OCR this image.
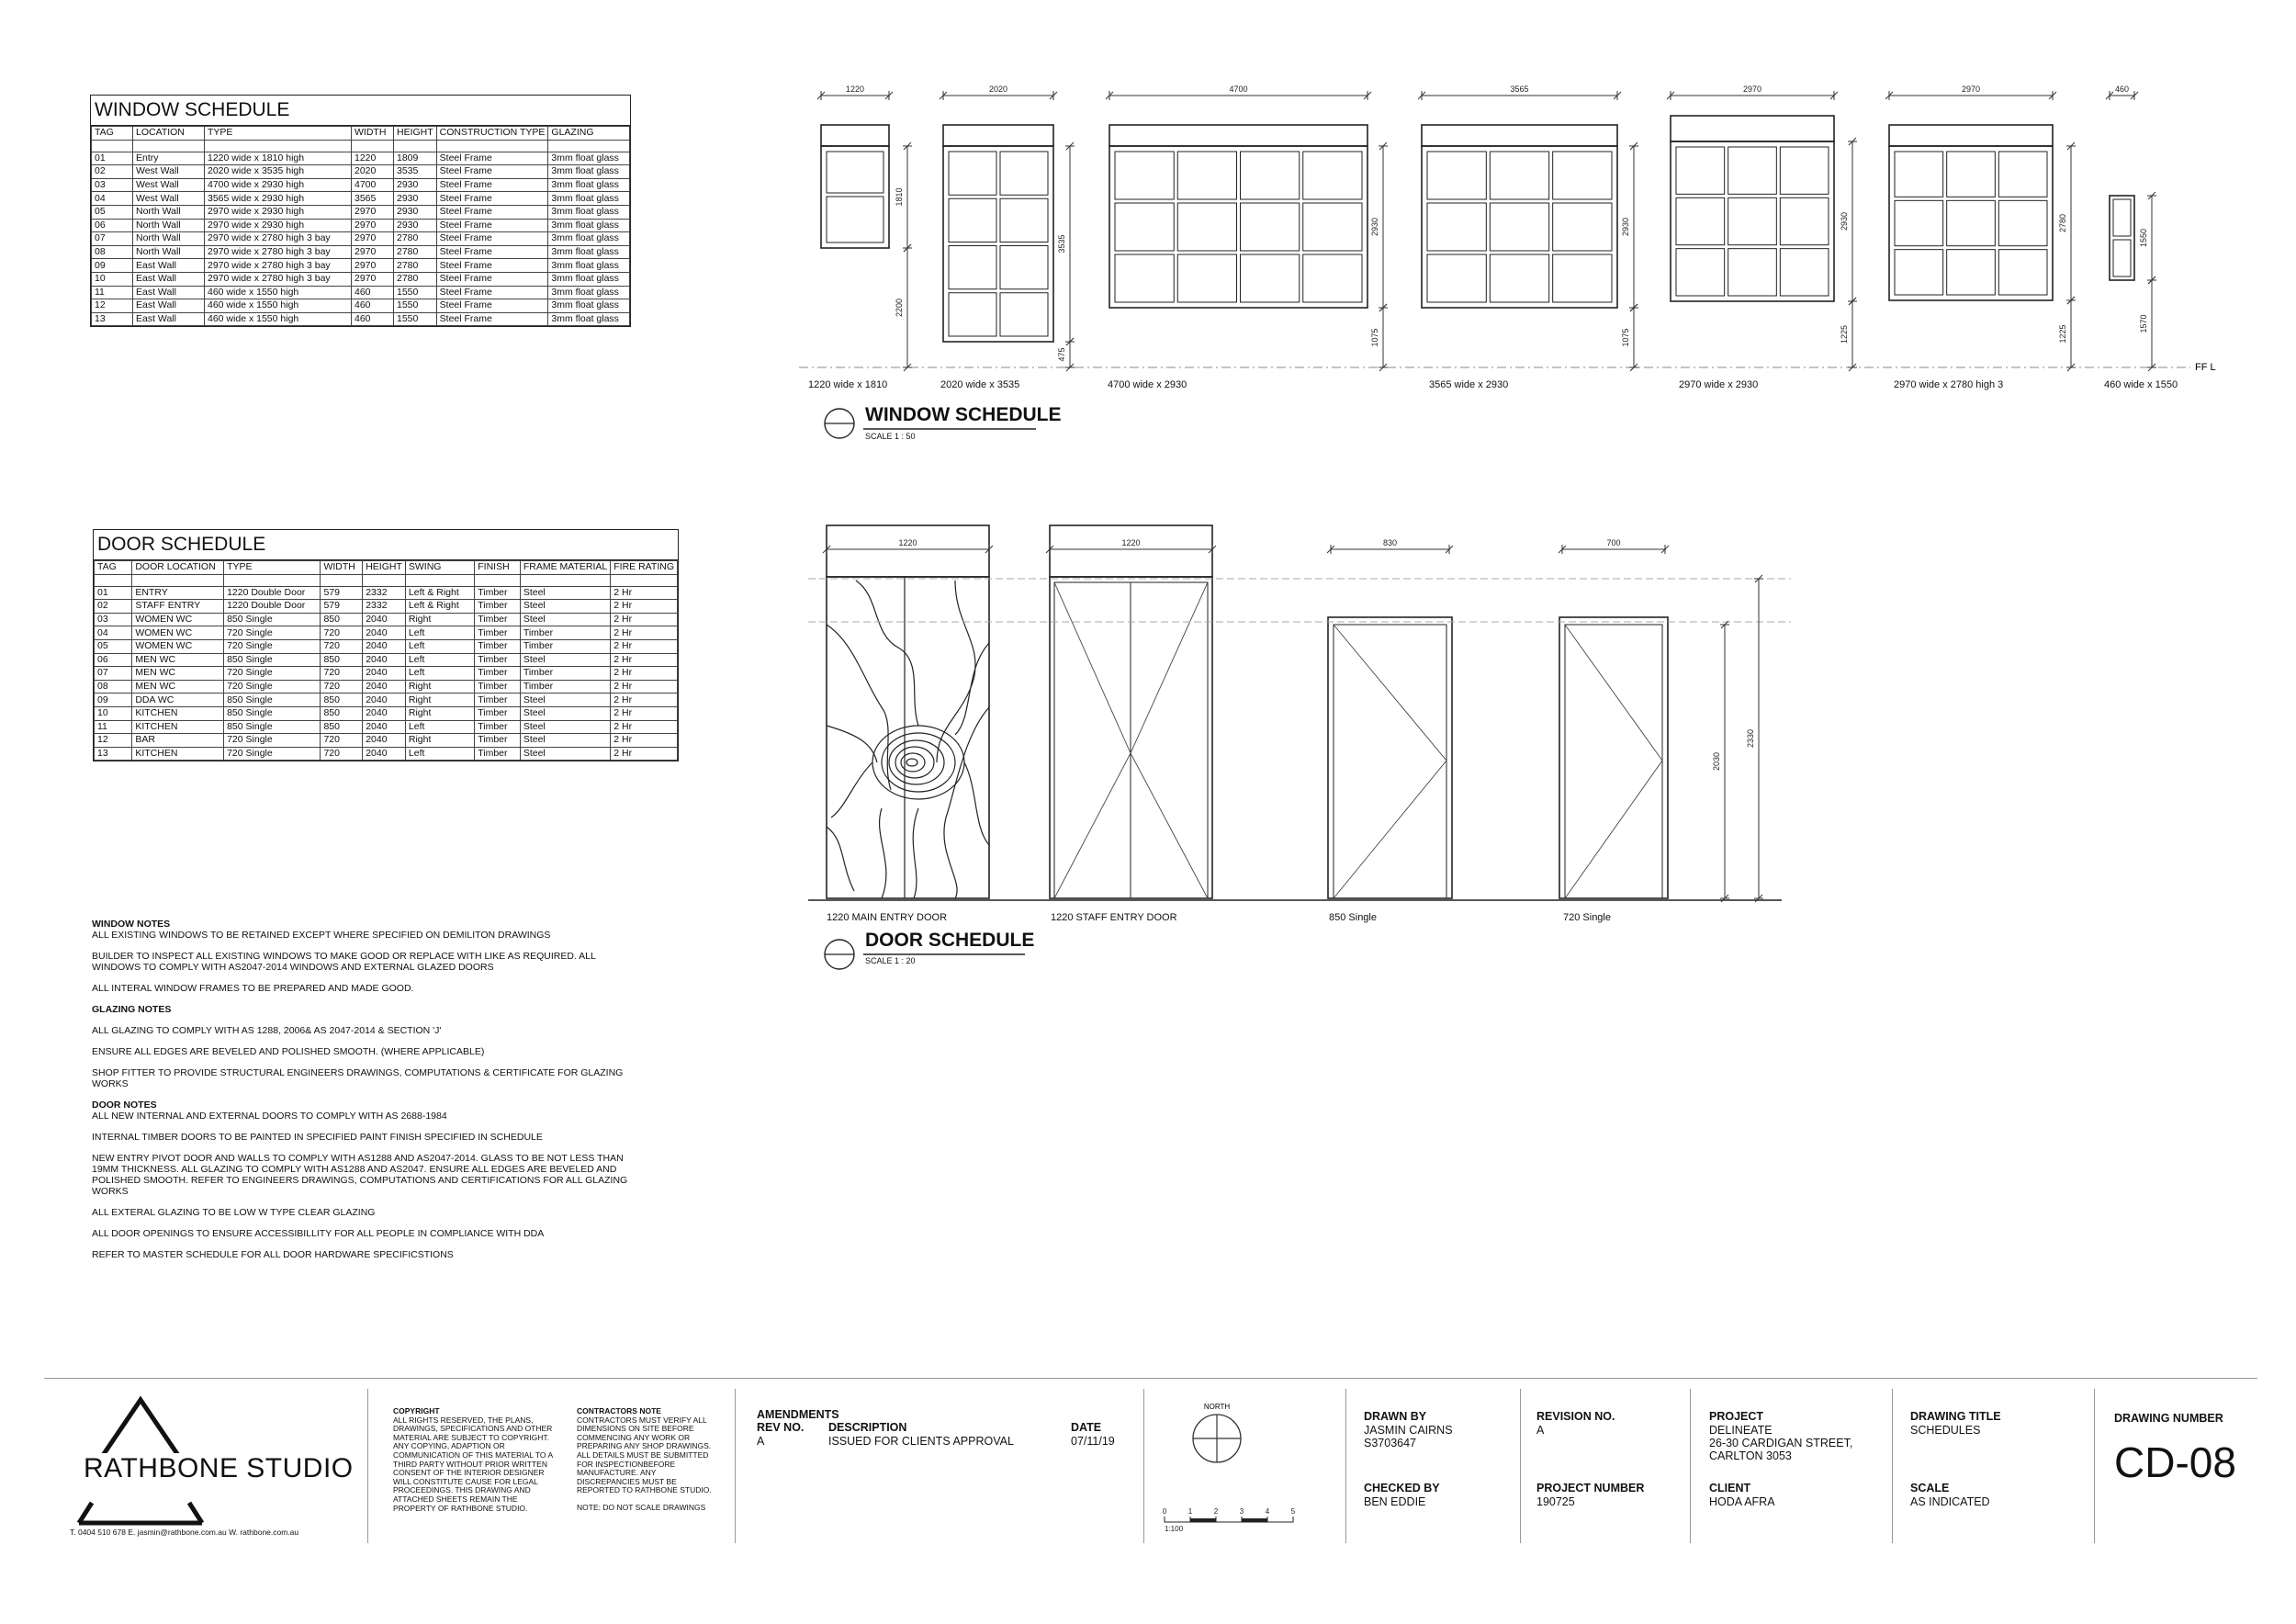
WINDOW SCHEDULE
TAG	LOCATION	TYPE	WIDTH	HEIGHT	CONSTRUCTION TYPE	GLAZING

01	Entry	1220 wide x 1810 high	1220	1809	Steel Frame	3mm float glass
02	West Wall	2020 wide x 3535 high	2020	3535	Steel Frame	3mm float glass
03	West Wall	4700 wide x 2930 high	4700	2930	Steel Frame	3mm float glass
04	West Wall	3565 wide x 2930 high	3565	2930	Steel Frame	3mm float glass
05	North Wall	2970 wide x 2930 high	2970	2930	Steel Frame	3mm float glass
06	North Wall	2970 wide x 2930 high	2970	2930	Steel Frame	3mm float glass
07	North Wall	2970 wide x 2780 high 3 bay	2970	2780	Steel Frame	3mm float glass
08	North Wall	2970 wide x 2780 high 3 bay	2970	2780	Steel Frame	3mm float glass
09	East Wall	2970 wide x 2780 high 3 bay	2970	2780	Steel Frame	3mm float glass
10	East Wall	2970 wide x 2780 high 3 bay	2970	2780	Steel Frame	3mm float glass
11	East Wall	460 wide x 1550 high	460	1550	Steel Frame	3mm float glass
12	East Wall	460 wide x 1550 high	460	1550	Steel Frame	3mm float glass
13	East Wall	460 wide x 1550 high	460	1550	Steel Frame	3mm float glass
DOOR SCHEDULE
TAG	DOOR LOCATION	TYPE	WIDTH	HEIGHT	SWING	FINISH	FRAME MATERIAL	FIRE RATING

01	ENTRY	1220 Double Door	579	2332	Left & Right	Timber	Steel	2 Hr
02	STAFF ENTRY	1220 Double Door	579	2332	Left & Right	Timber	Steel	2 Hr
03	WOMEN WC	850 Single	850	2040	Right	Timber	Steel	2 Hr
04	WOMEN WC	720 Single	720	2040	Left	Timber	Timber	2 Hr
05	WOMEN WC	720 Single	720	2040	Left	Timber	Timber	2 Hr
06	MEN WC	850 Single	850	2040	Left	Timber	Steel	2 Hr
07	MEN WC	720 Single	720	2040	Left	Timber	Timber	2 Hr
08	MEN WC	720 Single	720	2040	Right	Timber	Timber	2 Hr
09	DDA WC	850 Single	850	2040	Right	Timber	Steel	2 Hr
10	KITCHEN	850 Single	850	2040	Right	Timber	Steel	2 Hr
11	KITCHEN	850 Single	850	2040	Left	Timber	Steel	2 Hr
12	BAR	720 Single	720	2040	Right	Timber	Steel	2 Hr
13	KITCHEN	720 Single	720	2040	Left	Timber	Steel	2 Hr
FF L
1220	2020	4700	3565	2970	2970	460
1810
2200
3535
475
2930
1075
2930
1075
2930
1225
2780
1225
1550
1570
1220 wide x 1810	2020 wide x 3535	4700 wide x 2930	3565 wide x 2930	2970 wide x 2930	2970 wide x 2780 high 3	460 wide x 1550
WINDOW SCHEDULE
SCALE 1 : 50
1220	1220	830	700
2030
2330
1220 MAIN ENTRY DOOR	1220 STAFF ENTRY DOOR	850 Single	720 Single
DOOR SCHEDULE
SCALE 1 : 20
WINDOW NOTES
ALL EXISTING WINDOWS TO BE RETAINED EXCEPT WHERE SPECIFIED ON DEMILITON DRAWINGS
BUILDER TO INSPECT ALL EXISTING WINDOWS TO MAKE GOOD OR REPLACE WITH LIKE AS REQUIRED. ALL WINDOWS TO COMPLY WITH AS2047-2014 WINDOWS AND EXTERNAL GLAZED DOORS
ALL INTERAL WINDOW FRAMES TO BE PREPARED AND MADE GOOD.
GLAZING NOTES
ALL GLAZING TO COMPLY WITH AS 1288, 2006& AS 2047-2014 & SECTION 'J'
ENSURE ALL EDGES ARE BEVELED AND POLISHED SMOOTH. (WHERE APPLICABLE)
SHOP FITTER TO PROVIDE STRUCTURAL ENGINEERS DRAWINGS, COMPUTATIONS & CERTIFICATE FOR GLAZING WORKS
DOOR NOTES
ALL NEW INTERNAL AND EXTERNAL DOORS TO COMPLY WITH AS 2688-1984
INTERNAL TIMBER DOORS TO BE PAINTED IN SPECIFIED PAINT FINISH SPECIFIED IN SCHEDULE
NEW ENTRY PIVOT DOOR AND WALLS TO COMPLY WITH AS1288 AND AS2047-2014. GLASS TO BE NOT LESS THAN 19MM THICKNESS. ALL GLAZING TO COMPLY WITH AS1288 AND AS2047. ENSURE ALL EDGES ARE BEVELED AND POLISHED SMOOTH. REFER TO ENGINEERS DRAWINGS, COMPUTATIONS AND CERTIFICATIONS FOR ALL GLAZING WORKS
ALL EXTERAL GLAZING TO BE LOW W TYPE CLEAR GLAZING
ALL DOOR OPENINGS TO ENSURE ACCESSIBILLITY FOR ALL PEOPLE IN COMPLIANCE WITH DDA
REFER TO MASTER SCHEDULE FOR ALL DOOR HARDWARE SPECIFICSTIONS
RATHBONE STUDIO
T. 0404 510 678 E. jasmin@rathbone.com.au W. rathbone.com.au
COPYRIGHT
ALL RIGHTS RESERVED, THE PLANS, DRAWINGS, SPECIFICATIONS AND OTHER MATERIAL ARE SUBJECT TO COPYRIGHT. ANY COPYING, ADAPTION OR COMMUNICATION OF THIS MATERIAL TO A THIRD PARTY WITHOUT PRIOR WRITTEN CONSENT OF THE INTERIOR DESIGNER WILL CONSTITUTE CAUSE FOR LEGAL PROCEEDINGS. THIS DRAWING AND ATTACHED SHEETS REMAIN THE PROPERTY OF RATHBONE STUDIO.
CONTRACTORS NOTE
CONTRACTORS MUST VERIFY ALL DIMENSIONS ON SITE BEFORE COMMENCING ANY WORK OR PREPARING ANY SHOP DRAWINGS. ALL DETAILS MUST BE SUBMITTED FOR INSPECTIONBEFORE MANUFACTURE. ANY DISCREPANCIES MUST BE REPORTED TO RATHBONE STUDIO.
NOTE: DO NOT SCALE DRAWINGS
AMENDMENTS
REV NO. DESCRIPTION	DATE
A	ISSUED FOR CLIENTS APPROVAL	07/11/19
NORTH
0	1	2	3	4	5
1:100
DRAWN BY
JASMIN CAIRNS
S3703647
CHECKED BY
BEN EDDIE
REVISION NO.
A
PROJECT NUMBER
190725
PROJECT
DELINEATE
26-30 CARDIGAN STREET,
CARLTON 3053
CLIENT
HODA AFRA
DRAWING TITLE
SCHEDULES
SCALE
AS INDICATED
DRAWING NUMBER
CD-08
